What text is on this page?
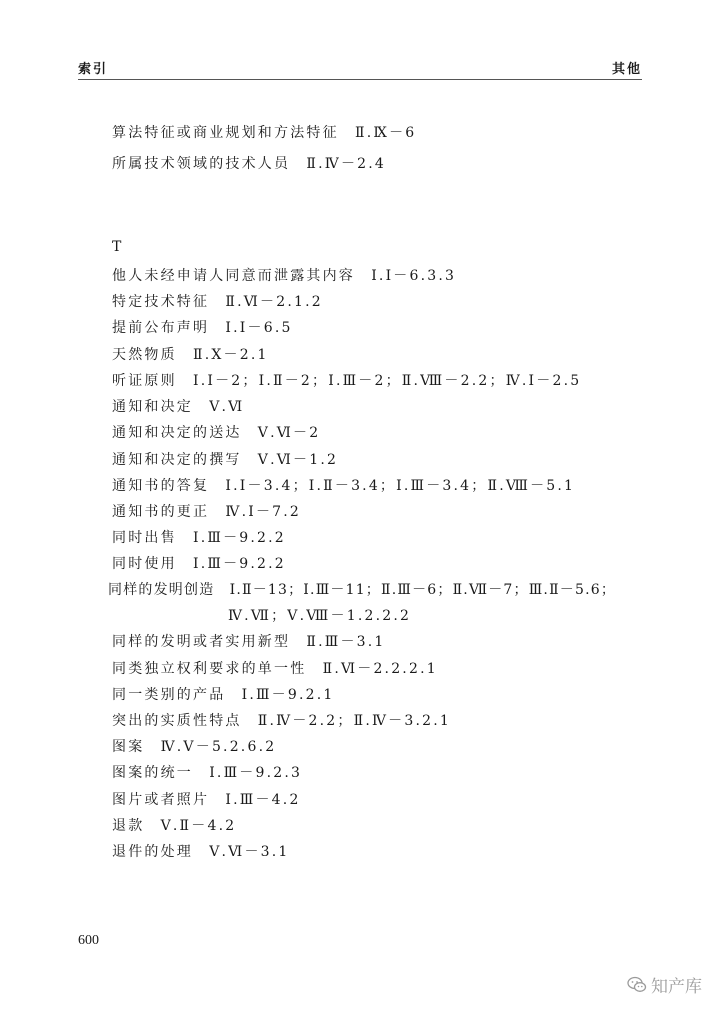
索引	其他
算法特征或商业规划和方法特征　Ⅱ.Ⅸ－6
所属技术领域的技术人员　Ⅱ.Ⅳ－2.4
T
他人未经申请人同意而泄露其内容　Ⅰ.Ⅰ－6.3.3
特定技术特征　Ⅱ.Ⅵ－2.1.2
提前公布声明　Ⅰ.Ⅰ－6.5
天然物质　Ⅱ.Ⅹ－2.1
听证原则　Ⅰ.Ⅰ－2；Ⅰ.Ⅱ－2；Ⅰ.Ⅲ－2；Ⅱ.Ⅷ－2.2；Ⅳ.Ⅰ－2.5
通知和决定　Ⅴ.Ⅵ
通知和决定的送达　Ⅴ.Ⅵ－2
通知和决定的撰写　Ⅴ.Ⅵ－1.2
通知书的答复　Ⅰ.Ⅰ－3.4；Ⅰ.Ⅱ－3.4；Ⅰ.Ⅲ－3.4；Ⅱ.Ⅷ－5.1
通知书的更正　Ⅳ.Ⅰ－7.2
同时出售　Ⅰ.Ⅲ－9.2.2
同时使用　Ⅰ.Ⅲ－9.2.2
同样的发明创造　Ⅰ.Ⅱ－13；Ⅰ.Ⅲ－11；Ⅱ.Ⅲ－6；Ⅱ.Ⅶ－7；Ⅲ.Ⅱ－5.6；
Ⅳ.Ⅶ；Ⅴ.Ⅷ－1.2.2.2
同样的发明或者实用新型　Ⅱ.Ⅲ－3.1
同类独立权利要求的单一性　Ⅱ.Ⅵ－2.2.2.1
同一类别的产品　Ⅰ.Ⅲ－9.2.1
突出的实质性特点　Ⅱ.Ⅳ－2.2；Ⅱ.Ⅳ－3.2.1
图案　Ⅳ.Ⅴ－5.2.6.2
图案的统一　Ⅰ.Ⅲ－9.2.3
图片或者照片　Ⅰ.Ⅲ－4.2
退款　Ⅴ.Ⅱ－4.2
退件的处理　Ⅴ.Ⅵ－3.1
600
知产库
